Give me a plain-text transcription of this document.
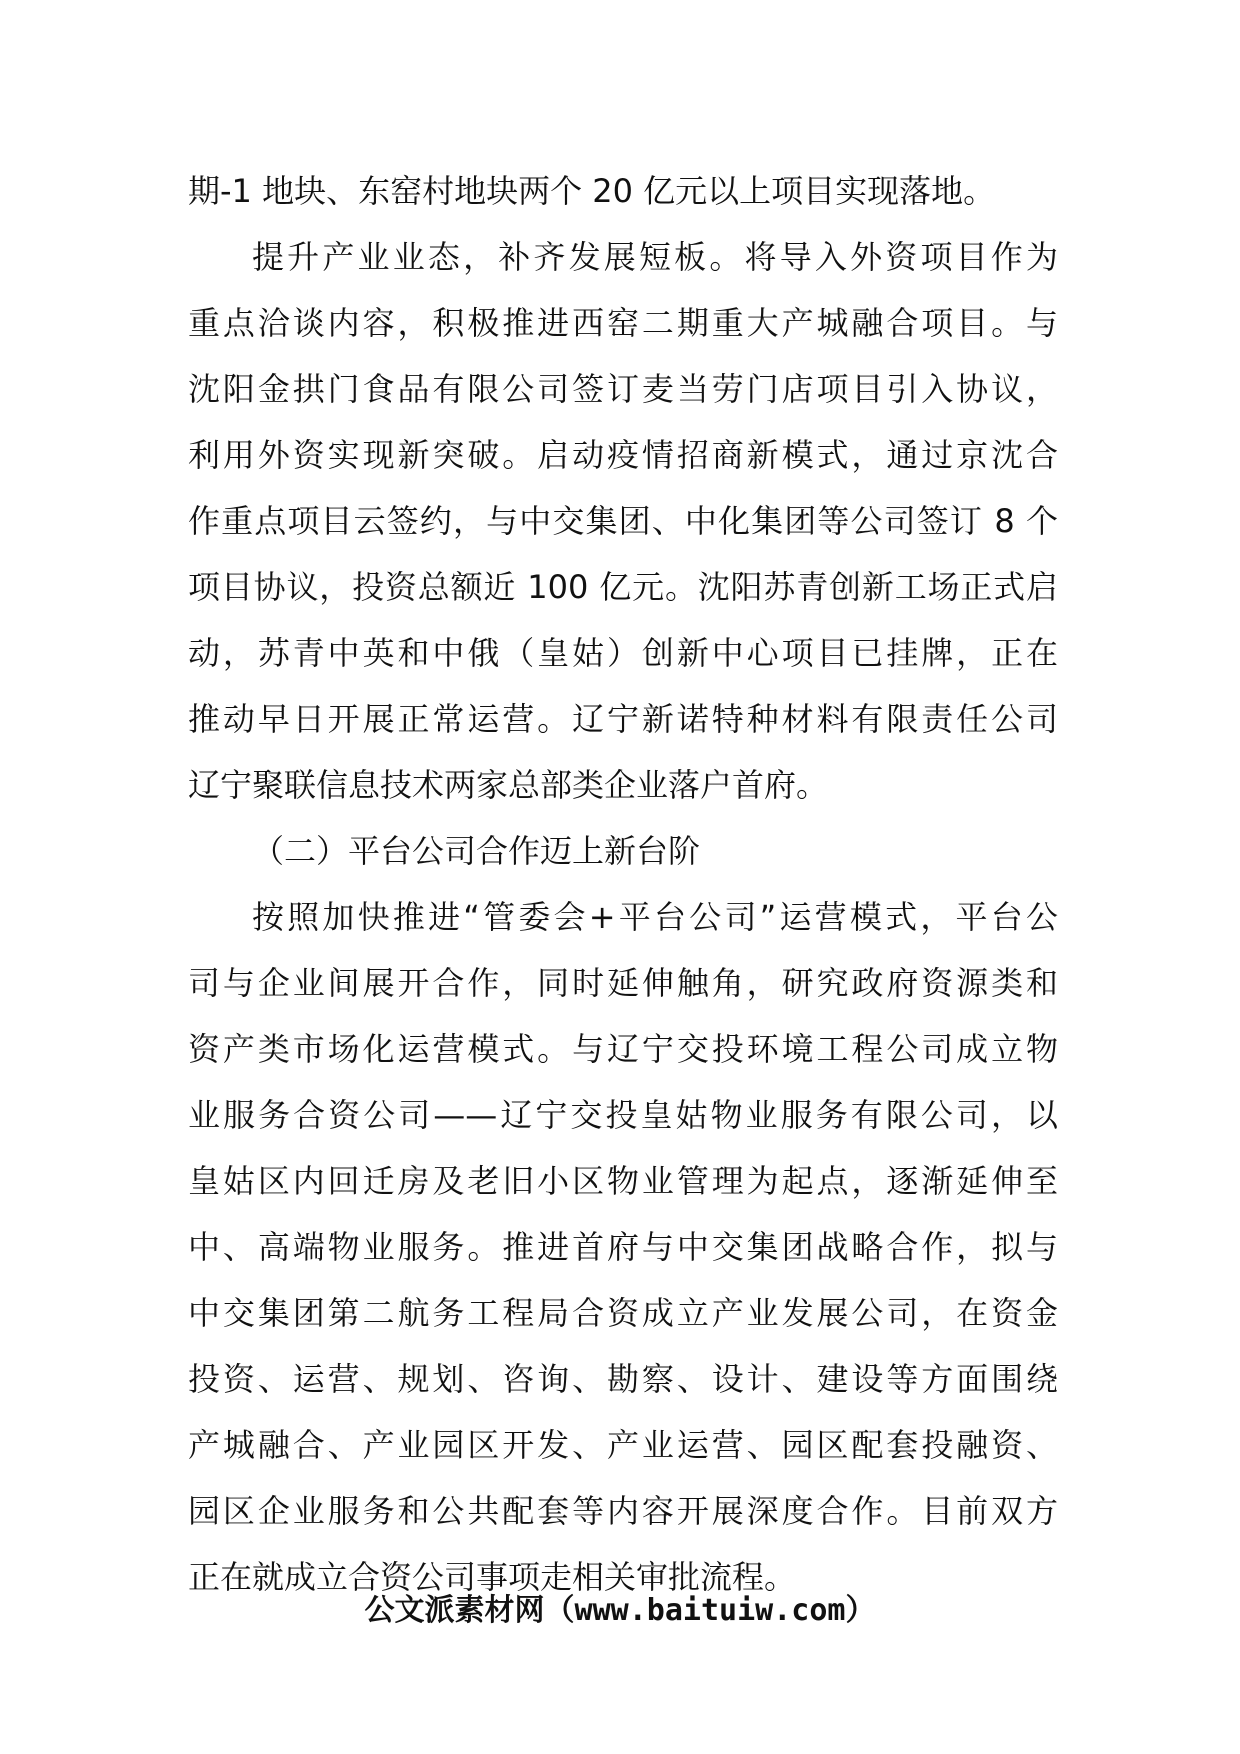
期-1 地块、东窑村地块两个 20 亿元以上项目实现落地。
提升产业业态，补齐发展短板。将导入外资项目作为
重点洽谈内容，积极推进西窑二期重大产城融合项目。与
沈阳金拱门食品有限公司签订麦当劳门店项目引入协议，
利用外资实现新突破。启动疫情招商新模式，通过京沈合
作重点项目云签约，与中交集团、中化集团等公司签订 8 个
项目协议，投资总额近 100 亿元。沈阳苏青创新工场正式启
动，苏青中英和中俄（皇姑）创新中心项目已挂牌，正在
推动早日开展正常运营。辽宁新诺特种材料有限责任公司
辽宁聚联信息技术两家总部类企业落户首府。
（二）平台公司合作迈上新台阶
按照加快推进“管委会+平台公司”运营模式，平台公
司与企业间展开合作，同时延伸触角，研究政府资源类和
资产类市场化运营模式。与辽宁交投环境工程公司成立物
业服务合资公司——辽宁交投皇姑物业服务有限公司，以
皇姑区内回迁房及老旧小区物业管理为起点，逐渐延伸至
中、高端物业服务。推进首府与中交集团战略合作，拟与
中交集团第二航务工程局合资成立产业发展公司，在资金
投资、运营、规划、咨询、勘察、设计、建设等方面围绕
产城融合、产业园区开发、产业运营、园区配套投融资、
园区企业服务和公共配套等内容开展深度合作。目前双方
正在就成立合资公司事项走相关审批流程。
公文派素材网（www.baituiw.com）
